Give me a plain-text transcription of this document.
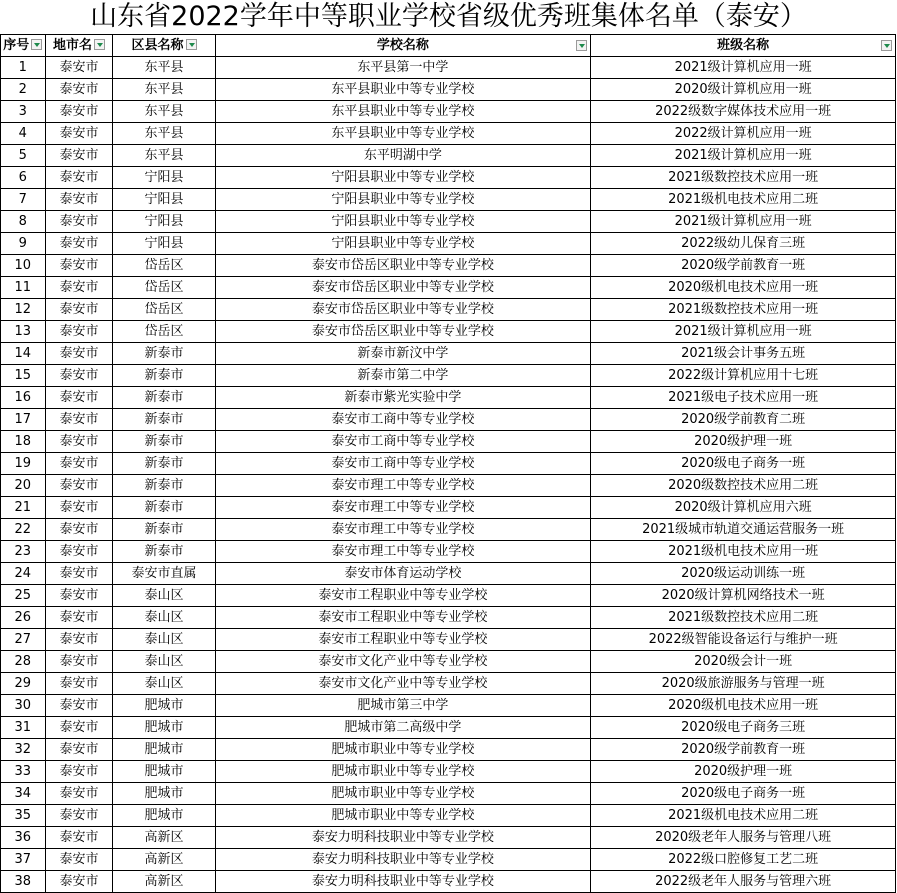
山东省2022学年中等职业学校省级优秀班集体名单（泰安）
序号	地市名	区县名称	学校名称	班级名称

1	泰安市	东平县	东平县第一中学	2021级计算机应用一班
2	泰安市	东平县	东平县职业中等专业学校	2020级计算机应用一班
3	泰安市	东平县	东平县职业中等专业学校	2022级数字媒体技术应用一班
4	泰安市	东平县	东平县职业中等专业学校	2022级计算机应用一班
5	泰安市	东平县	东平明湖中学	2021级计算机应用一班
6	泰安市	宁阳县	宁阳县职业中等专业学校	2021级数控技术应用一班
7	泰安市	宁阳县	宁阳县职业中等专业学校	2021级机电技术应用二班
8	泰安市	宁阳县	宁阳县职业中等专业学校	2021级计算机应用一班
9	泰安市	宁阳县	宁阳县职业中等专业学校	2022级幼儿保育三班
10	泰安市	岱岳区	泰安市岱岳区职业中等专业学校	2020级学前教育一班
11	泰安市	岱岳区	泰安市岱岳区职业中等专业学校	2020级机电技术应用一班
12	泰安市	岱岳区	泰安市岱岳区职业中等专业学校	2021级数控技术应用一班
13	泰安市	岱岳区	泰安市岱岳区职业中等专业学校	2021级计算机应用一班
14	泰安市	新泰市	新泰市新汶中学	2021级会计事务五班
15	泰安市	新泰市	新泰市第二中学	2022级计算机应用十七班
16	泰安市	新泰市	新泰市紫光实验中学	2021级电子技术应用一班
17	泰安市	新泰市	泰安市工商中等专业学校	2020级学前教育二班
18	泰安市	新泰市	泰安市工商中等专业学校	2020级护理一班
19	泰安市	新泰市	泰安市工商中等专业学校	2020级电子商务一班
20	泰安市	新泰市	泰安市理工中等专业学校	2020级数控技术应用二班
21	泰安市	新泰市	泰安市理工中等专业学校	2020级计算机应用六班
22	泰安市	新泰市	泰安市理工中等专业学校	2021级城市轨道交通运营服务一班
23	泰安市	新泰市	泰安市理工中等专业学校	2021级机电技术应用一班
24	泰安市	泰安市直属	泰安市体育运动学校	2020级运动训练一班
25	泰安市	泰山区	泰安市工程职业中等专业学校	2020级计算机网络技术一班
26	泰安市	泰山区	泰安市工程职业中等专业学校	2021级数控技术应用二班
27	泰安市	泰山区	泰安市工程职业中等专业学校	2022级智能设备运行与维护一班
28	泰安市	泰山区	泰安市文化产业中等专业学校	2020级会计一班
29	泰安市	泰山区	泰安市文化产业中等专业学校	2020级旅游服务与管理一班
30	泰安市	肥城市	肥城市第三中学	2020级机电技术应用一班
31	泰安市	肥城市	肥城市第二高级中学	2020级电子商务三班
32	泰安市	肥城市	肥城市职业中等专业学校	2020级学前教育一班
33	泰安市	肥城市	肥城市职业中等专业学校	2020级护理一班
34	泰安市	肥城市	肥城市职业中等专业学校	2020级电子商务一班
35	泰安市	肥城市	肥城市职业中等专业学校	2021级机电技术应用二班
36	泰安市	高新区	泰安力明科技职业中等专业学校	2020级老年人服务与管理八班
37	泰安市	高新区	泰安力明科技职业中等专业学校	2022级口腔修复工艺二班
38	泰安市	高新区	泰安力明科技职业中等专业学校	2022级老年人服务与管理六班
